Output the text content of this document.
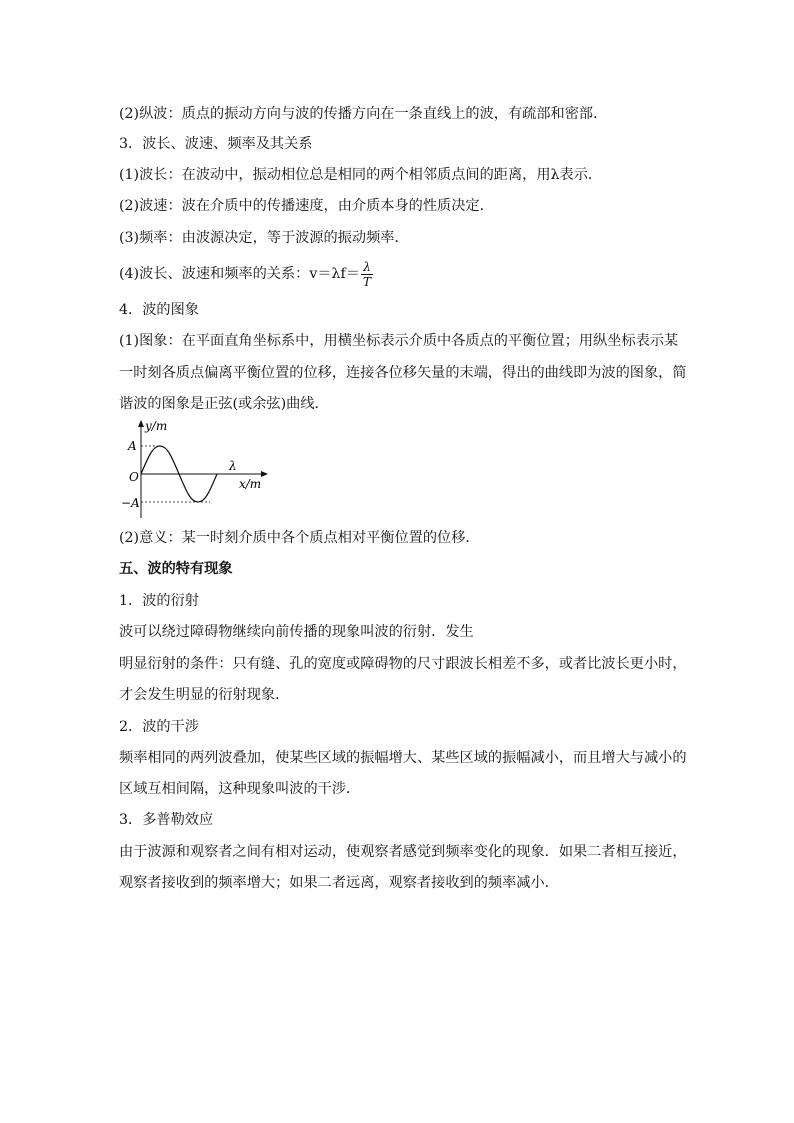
(2)纵波：质点的振动方向与波的传播方向在一条直线上的波，有疏部和密部．
3．波长、波速、频率及其关系
(1)波长：在波动中，振动相位总是相同的两个相邻质点间的距离，用λ表示．
(2)波速：波在介质中的传播速度，由介质本身的性质决定．
(3)频率：由波源决定，等于波源的振动频率．
(4)波长、波速和频率的关系：$v=\lambda f= \frac{\lambda}{T}$
4．波的图象
(1)图象：在平面直角坐标系中，用横坐标表示介质中各质点的平衡位置；用纵坐标表示某
一时刻各质点偏离平衡位置的位移，连接各位移矢量的末端，得出的曲线即为波的图象，简
谐波的图象是正弦(或余弦)曲线．
y/m
A
O
−A
λ
x/m
(2)意义：某一时刻介质中各个质点相对平衡位置的位移．
五、波的特有现象
1．波的衍射
波可以绕过障碍物继续向前传播的现象叫波的衍射．发生
明显衍射的条件：只有缝、孔的宽度或障碍物的尺寸跟波长相差不多，或者比波长更小时，
才会发生明显的衍射现象．
2．波的干涉
频率相同的两列波叠加，使某些区域的振幅增大、某些区域的振幅减小，而且增大与减小的
区域互相间隔，这种现象叫波的干涉．
3．多普勒效应
由于波源和观察者之间有相对运动，使观察者感觉到频率变化的现象．如果二者相互接近，
观察者接收到的频率增大；如果二者远离，观察者接收到的频率减小．
